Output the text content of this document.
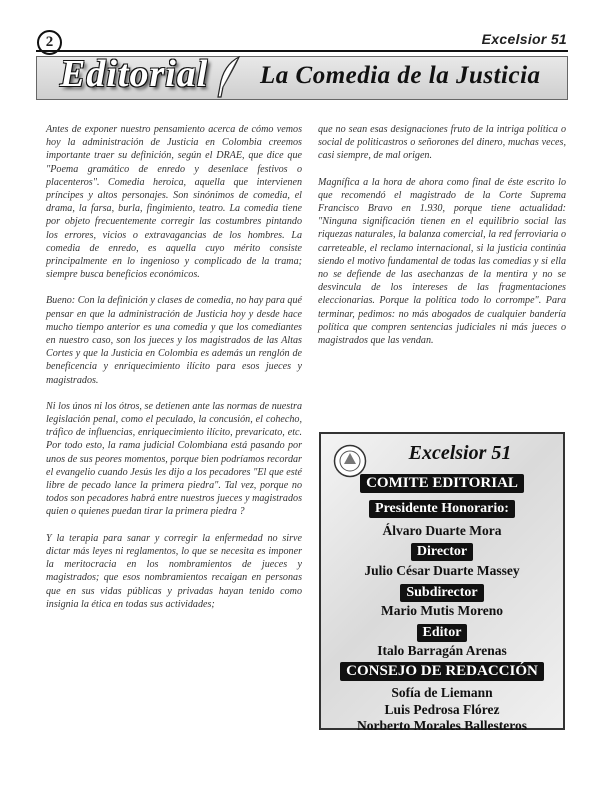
2	Excelsior 51
Editorial La Comedia de la Justicia

Antes de exponer nuestro pensamiento acerca de cómo vemos hoy la administración de Justicia en Colombia creemos importante traer su definición, según el DRAE, que dice que "Poema gramático de enredo y desenlace festivos o placenteros". Comedia heroica, aquella que intervienen príncipes y altos personajes. Son sinónimos de comedia, el drama, la farsa, burla, fingimiento, teatro. La comedia tiene por objeto frecuentemente corregir las costumbres pintando los errores, vicios o extravagancias de los hombres. La comedia de enredo, es aquella cuyo mérito consiste principalmente en lo ingenioso y complicado de la trama; siempre busca beneficios económicos.

Bueno: Con la definición y clases de comedia, no hay para qué pensar en que la administración de Justicia hoy y desde hace mucho tiempo anterior es una comedia y que los comediantes en nuestro caso, son los jueces y los magistrados de las Altas Cortes y que la Justicia en Colombia es además un renglón de beneficencia y enriquecimiento ilícito para esos jueces y magistrados.

Ni los únos ni los ótros, se detienen ante las normas de nuestra legislación penal, como el peculado, la concusión, el cohecho, tráfico de influencias, enriquecimiento ilícito, prevaricato, etc. Por todo esto, la rama judicial Colombiana está pasando por unos de sus peores momentos, porque bien podríamos recordar el evangelio cuando Jesús les dijo a los pecadores "El que esté libre de pecado lance la primera piedra". Tal vez, porque no todos son pecadores habrá entre nuestros jueces y magistrados quien o quienes puedan tirar la primera piedra ?

Y la terapia para sanar y corregir la enfermedad no sirve dictar más leyes ni reglamentos, lo que se necesita es imponer la meritocracia en los nombramientos de jueces y magistrados; que esos nombramientos recaigan en personas que en sus vidas públicas y privadas hayan tenido como insignia la ética en todas sus actividades;

que no sean esas designaciones fruto de la intriga política o social de politicastros o señorones del dinero, muchas veces, casi siempre, de mal origen.

Magnífica a la hora de ahora como final de éste escrito lo que recomendó el magistrado de la Corte Suprema Francisco Bravo en 1.930, porque tiene actualidad: "Ninguna significación tienen en el equilibrio social las riquezas naturales, la balanza comercial, la red ferroviaria o carreteable, el reclamo internacional, si la justicia continúa siendo el motivo fundamental de todas las comedias y si ella no se defiende de las asechanzas de la mentira y no se desvincula de los intereses de las fragmentaciones eleccionarias. Porque la política todo lo corrompe". Para terminar, pedimos: no más abogados de cualquier bandería política que compren sentencias judiciales ni más jueces o magistrados que las vendan.

Excelsior 51
COMITE EDITORIAL
Presidente Honorario:
Álvaro Duarte Mora
Director
Julio César Duarte Massey
Subdirector
Mario Mutis Moreno
Editor
Italo Barragán Arenas
CONSEJO DE REDACCIÓN
Sofía de Liemann
Luis Pedrosa Flórez
Norberto Morales Ballesteros
